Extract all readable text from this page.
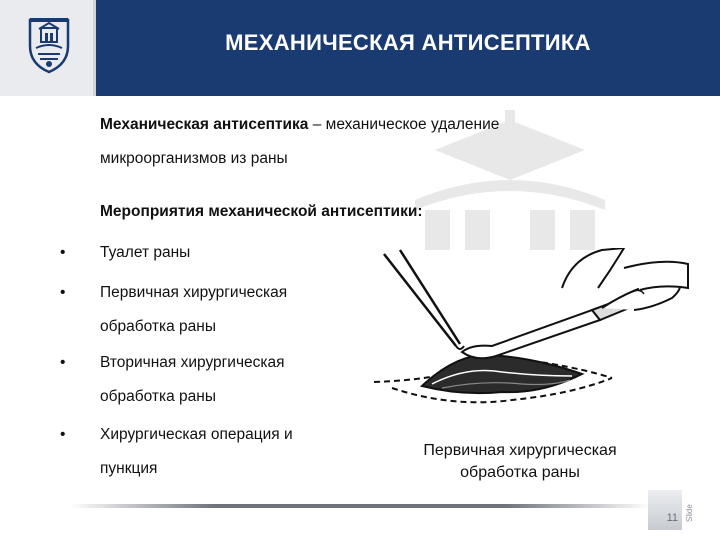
МЕХАНИЧЕСКАЯ АНТИСЕПТИКА
Механическая антисептика – механическое удаление
микроорганизмов из раны
Мероприятия механической антисептики:
•	Туалет раны
•	Первичная хирургическая
обработка раны
•	Вторичная хирургическая
обработка раны
•	Хирургическая операция и
пункция
Первичная хирургическая
обработка раны
11 Slide
